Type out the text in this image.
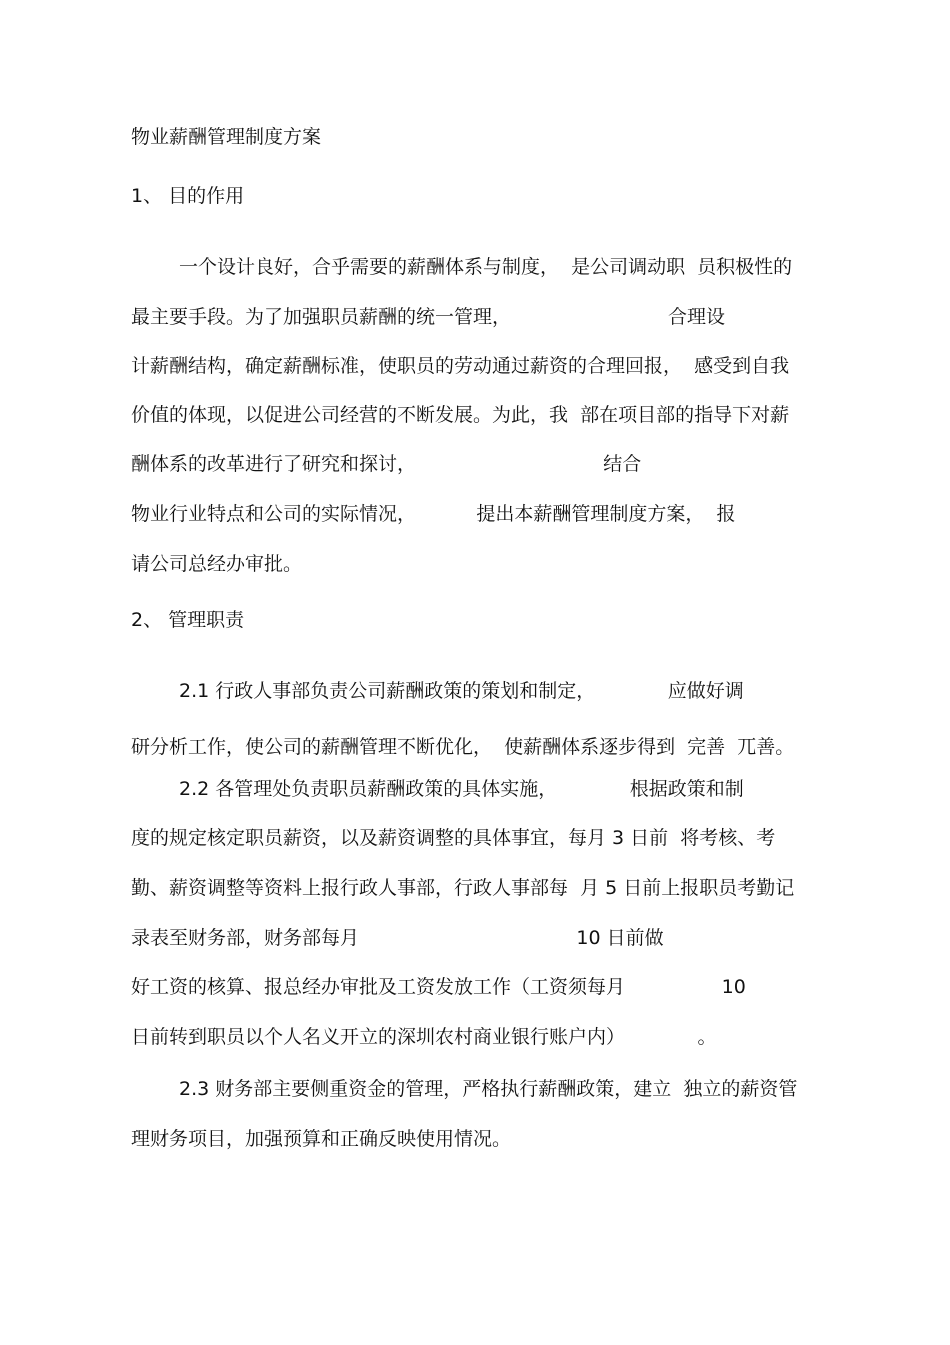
物业薪酬管理制度方案
1、 目的作用
一个设计良好，合乎需要的薪酬体系与制度，  是公司调动职  员积极性的
最主要手段。为了加强职员薪酬的统一管理，                          合理设
计薪酬结构，确定薪酬标准，使职员的劳动通过薪资的合理回报，  感受到自我
价值的体现，以促进公司经营的不断发展。为此，我  部在项目部的指导下对薪
酬体系的改革进行了研究和探讨，                               结合
物业行业特点和公司的实际情况，          提出本薪酬管理制度方案，  报
请公司总经办审批。
2、 管理职责
2.1 行政人事部负责公司薪酬政策的策划和制定，            应做好调
研分析工作，使公司的薪酬管理不断优化，  使薪酬体系逐步得到  完善  兀善。
2.2 各管理处负责职员薪酬政策的具体实施，            根据政策和制
度的规定核定职员薪资，以及薪资调整的具体事宜，每月 3 日前  将考核、考
勤、薪资调整等资料上报行政人事部，行政人事部每  月 5 日前上报职员考勤记
录表至财务部，财务部每月                                    10 日前做
好工资的核算、报总经办审批及工资发放工作（工资须每月                10
日前转到职员以个人名义开立的深圳农村商业银行账户内）            。
2.3 财务部主要侧重资金的管理，严格执行薪酬政策，建立  独立的薪资管
理财务项目，加强预算和正确反映使用情况。
